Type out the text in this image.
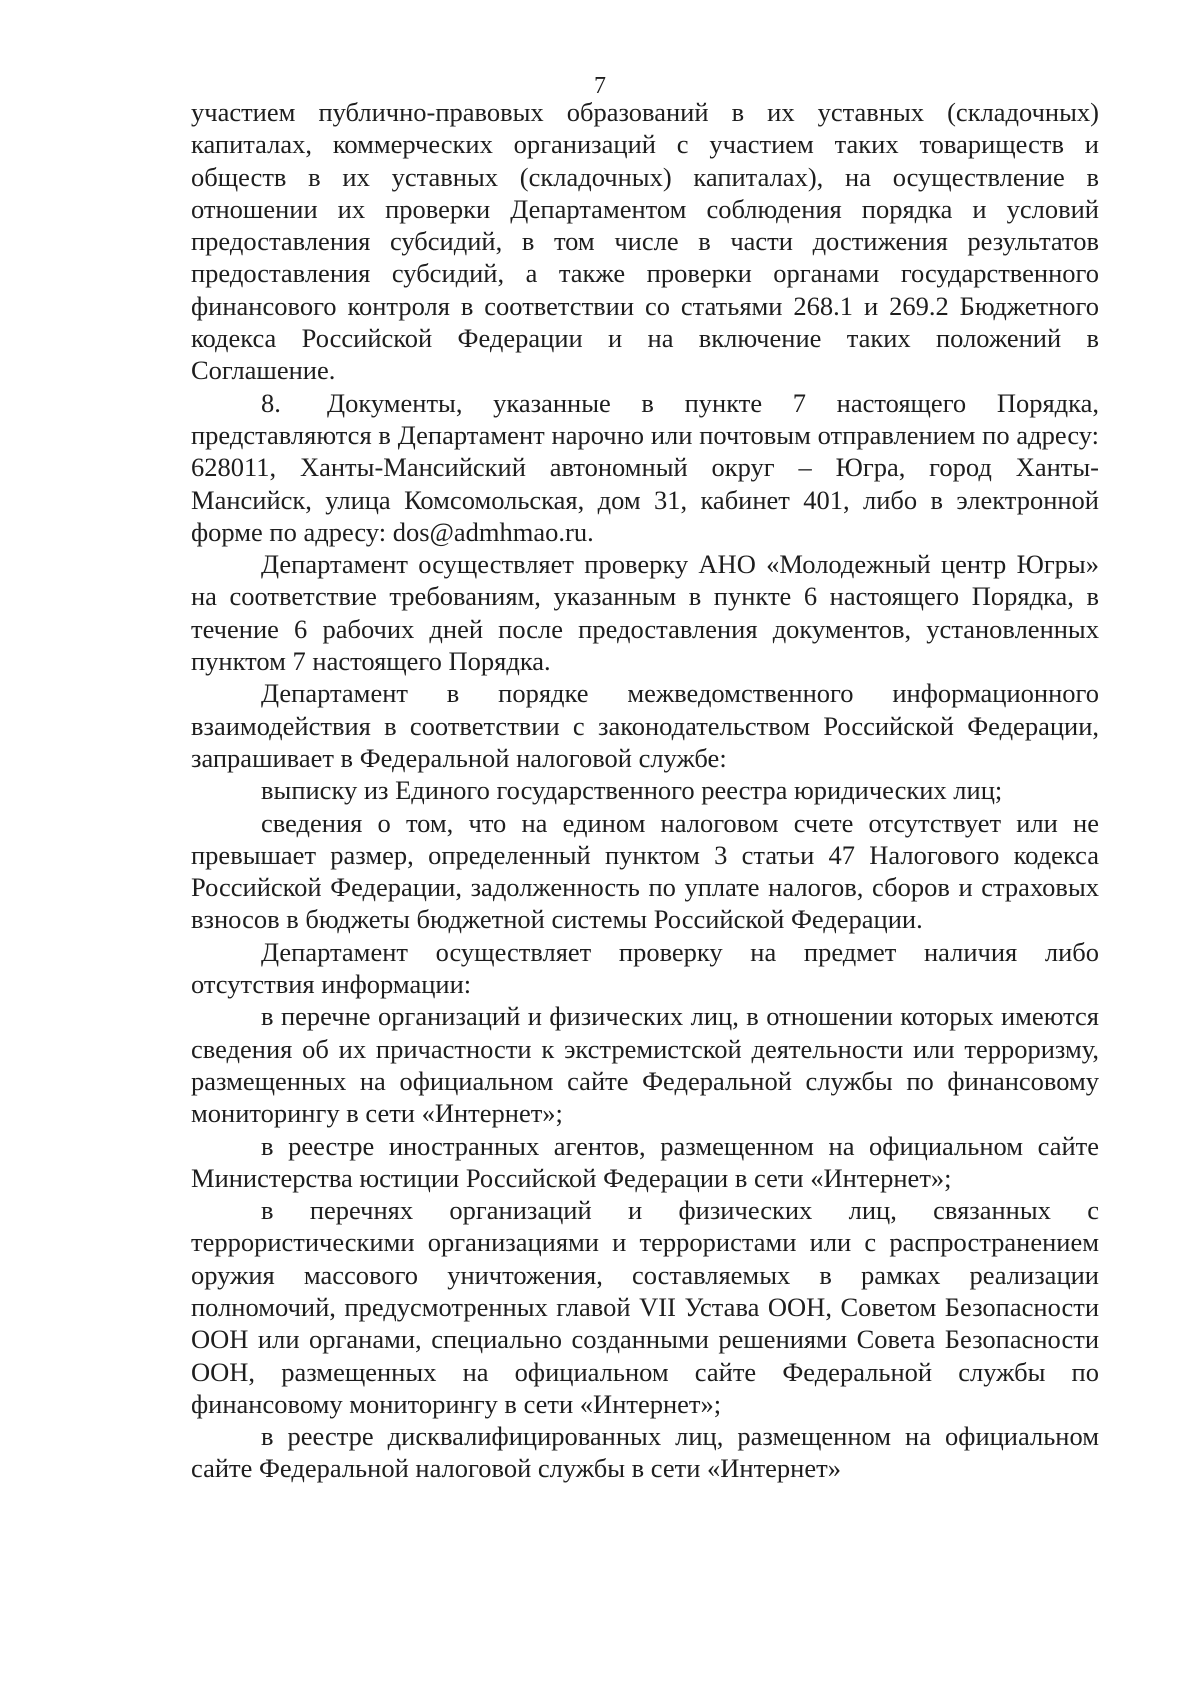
7

участием публично-правовых образований в их уставных (складочных) капиталах, коммерческих организаций с участием таких товариществ и обществ в их уставных (складочных) капиталах), на осуществление в отношении их проверки Департаментом соблюдения порядка и условий предоставления субсидий, в том числе в части достижения результатов предоставления субсидий, а также проверки органами государственного финансового контроля в соответствии со статьями 268.1 и 269.2 Бюджетного кодекса Российской Федерации и на включение таких положений в Соглашение.

8. Документы, указанные в пункте 7 настоящего Порядка, представляются в Департамент нарочно или почтовым отправлением по адресу: 628011, Ханты-Мансийский автономный округ – Югра, город Ханты-Мансийск, улица Комсомольская, дом 31, кабинет 401, либо в электронной форме по адресу: dos@admhmao.ru.

Департамент осуществляет проверку АНО «Молодежный центр Югры» на соответствие требованиям, указанным в пункте 6 настоящего Порядка, в течение 6 рабочих дней после предоставления документов, установленных пунктом 7 настоящего Порядка.

Департамент в порядке межведомственного информационного взаимодействия в соответствии с законодательством Российской Федерации, запрашивает в Федеральной налоговой службе:

выписку из Единого государственного реестра юридических лиц;

сведения о том, что на едином налоговом счете отсутствует или не превышает размер, определенный пунктом 3 статьи 47 Налогового кодекса Российской Федерации, задолженность по уплате налогов, сборов и страховых взносов в бюджеты бюджетной системы Российской Федерации.

Департамент осуществляет проверку на предмет наличия либо отсутствия информации:

в перечне организаций и физических лиц, в отношении которых имеются сведения об их причастности к экстремистской деятельности или терроризму, размещенных на официальном сайте Федеральной службы по финансовому мониторингу в сети «Интернет»;

в реестре иностранных агентов, размещенном на официальном сайте Министерства юстиции Российской Федерации в сети «Интернет»;

в перечнях организаций и физических лиц, связанных с террористическими организациями и террористами или с распространением оружия массового уничтожения, составляемых в рамках реализации полномочий, предусмотренных главой VII Устава ООН, Советом Безопасности ООН или органами, специально созданными решениями Совета Безопасности ООН, размещенных на официальном сайте Федеральной службы по финансовому мониторингу в сети «Интернет»;

в реестре дисквалифицированных лиц, размещенном на официальном сайте Федеральной налоговой службы в сети «Интернет»
